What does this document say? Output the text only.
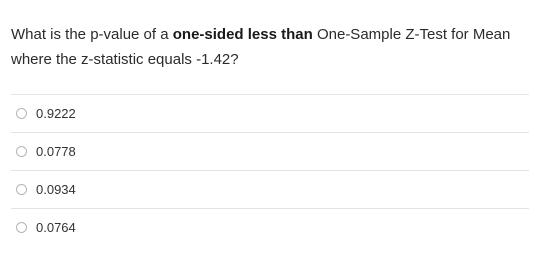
What is the p-value of a one-sided less than One-Sample Z-Test for Mean where the z-statistic equals -1.42?
0.9222
0.0778
0.0934
0.0764
